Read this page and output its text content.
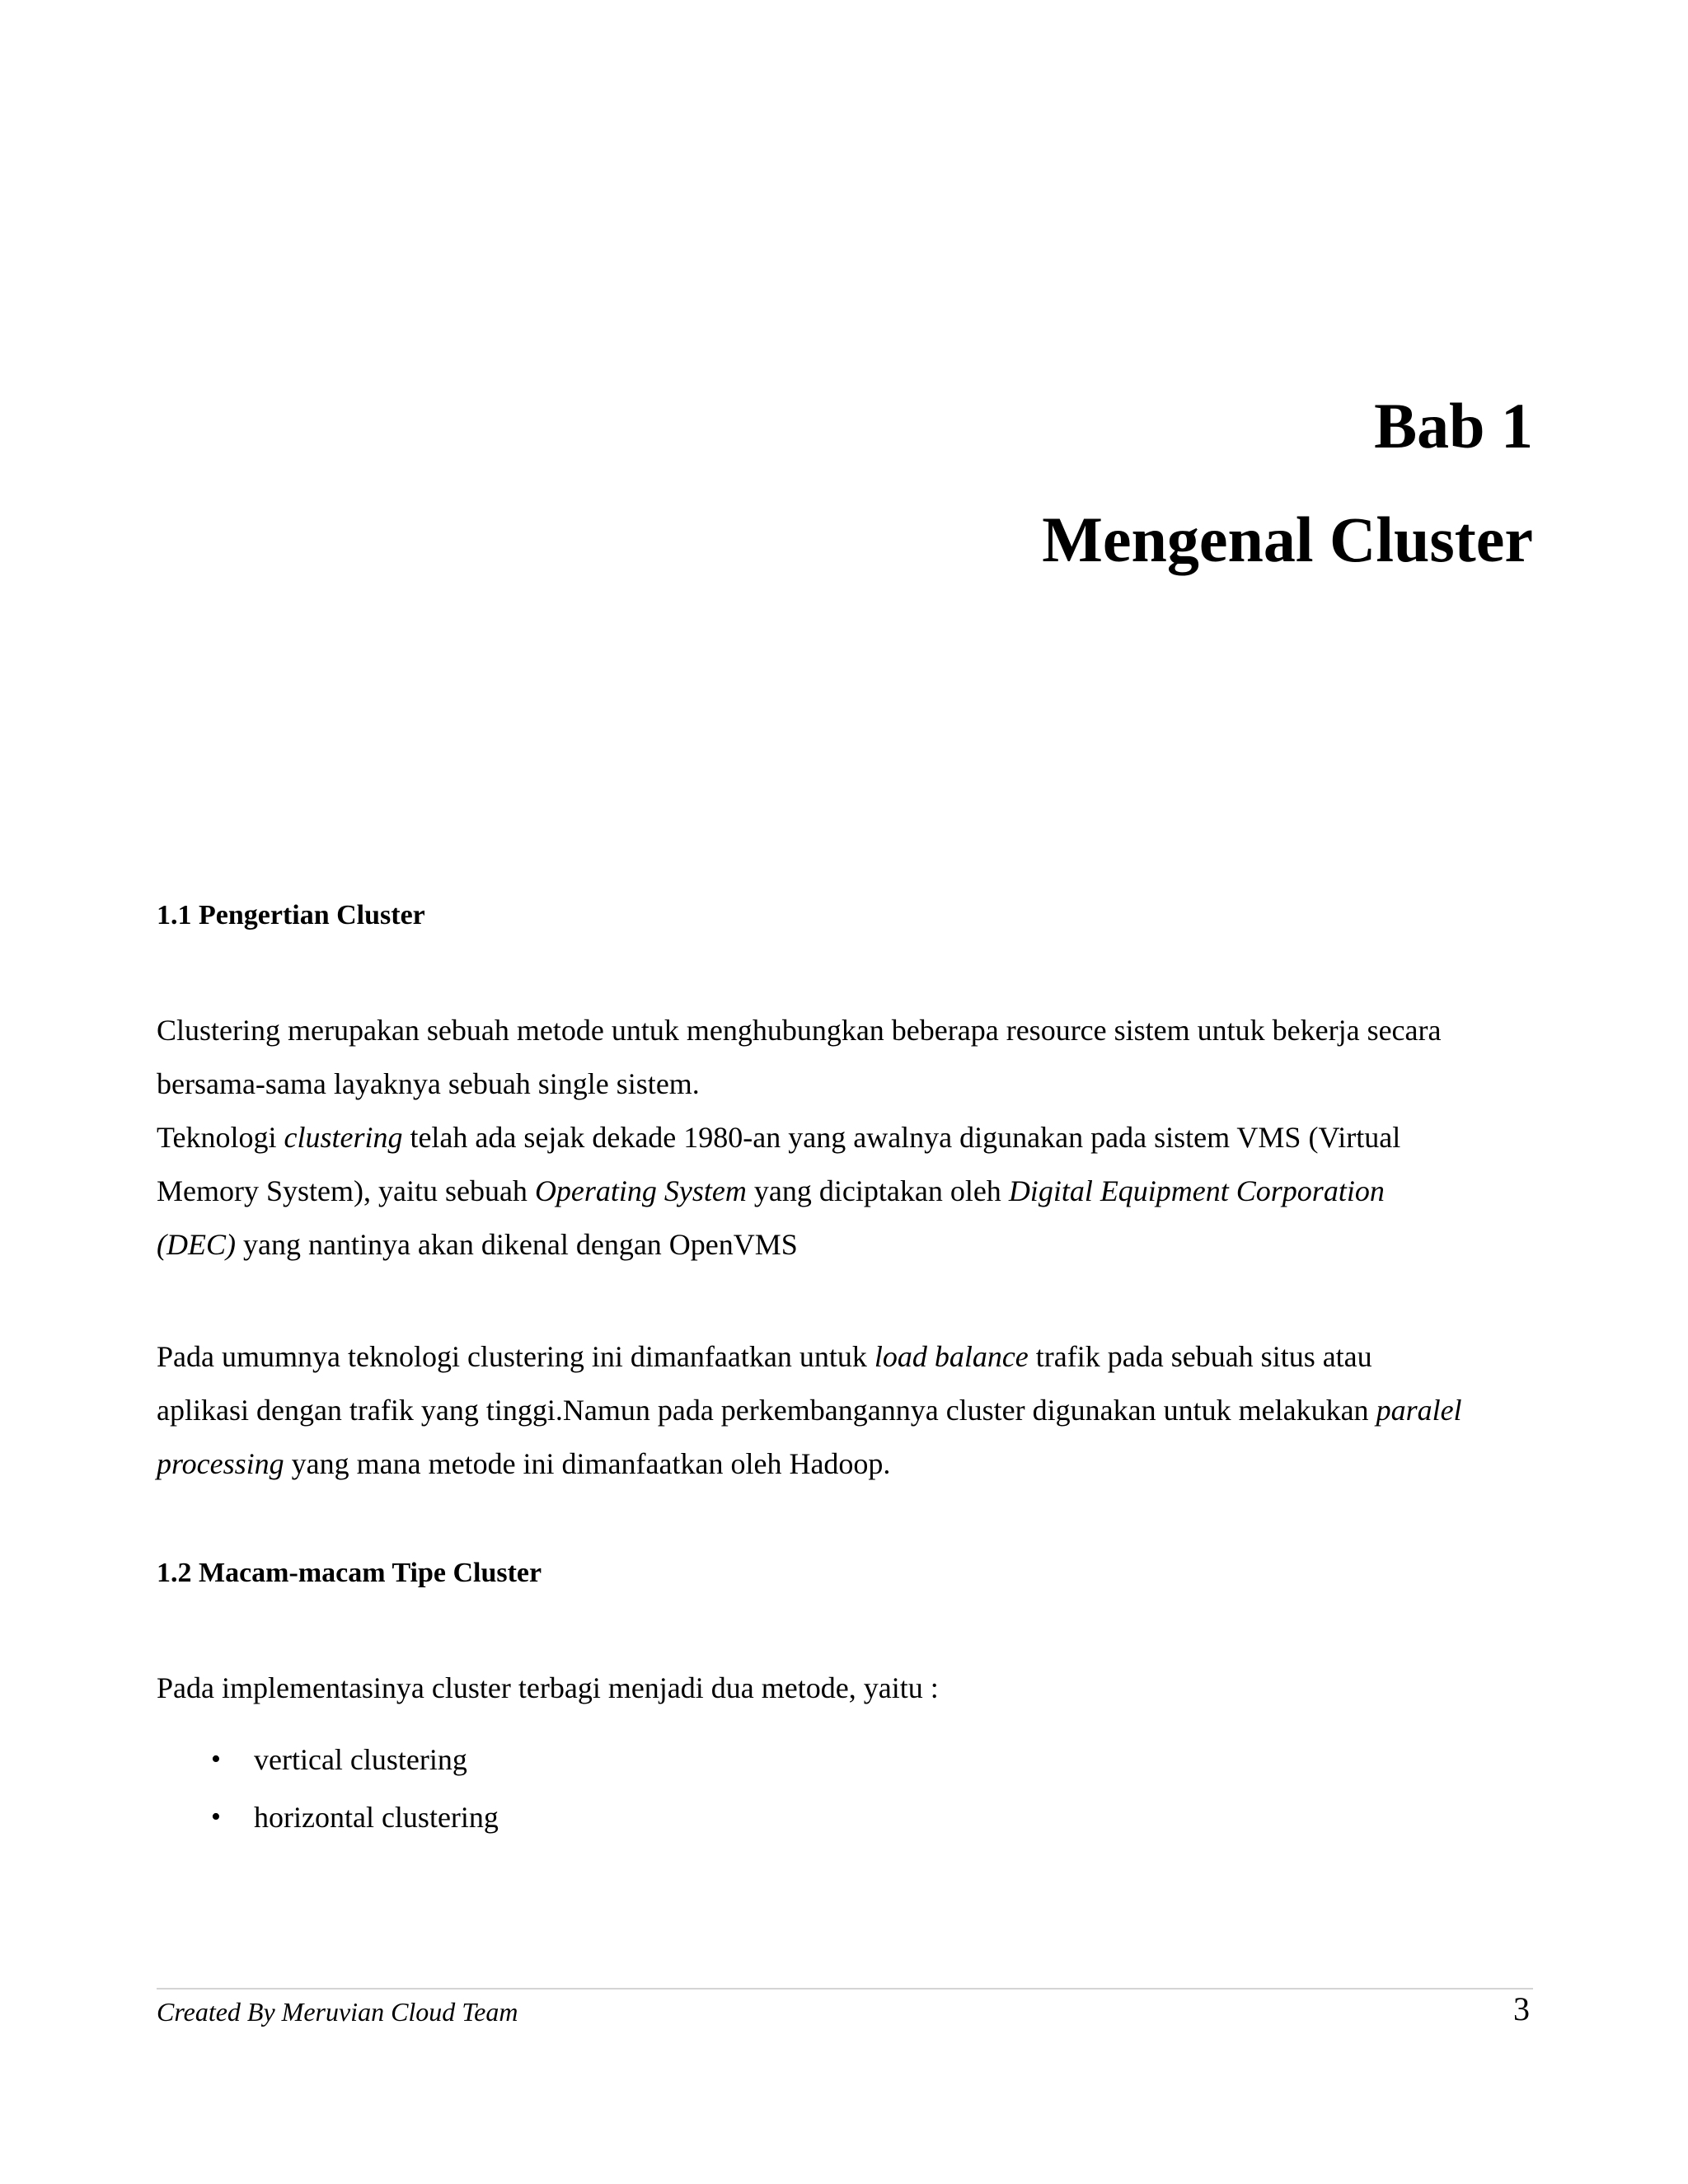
Bab 1
Mengenal Cluster
1.1 Pengertian Cluster
Clustering merupakan sebuah metode untuk menghubungkan beberapa resource sistem untuk bekerja secara
bersama-sama layaknya sebuah single sistem.
Teknologi clustering telah ada sejak dekade 1980-an yang awalnya digunakan pada sistem VMS (Virtual
Memory System), yaitu sebuah Operating System yang diciptakan oleh Digital Equipment Corporation
(DEC) yang nantinya akan dikenal dengan OpenVMS
Pada umumnya teknologi clustering ini dimanfaatkan untuk load balance trafik pada sebuah situs atau
aplikasi dengan trafik yang tinggi.Namun pada perkembangannya cluster digunakan untuk melakukan paralel
processing yang mana metode ini dimanfaatkan oleh Hadoop.
1.2 Macam-macam Tipe Cluster
Pada implementasinya cluster terbagi menjadi dua metode, yaitu :
• vertical clustering
• horizontal clustering
Created By Meruvian Cloud Team	3
